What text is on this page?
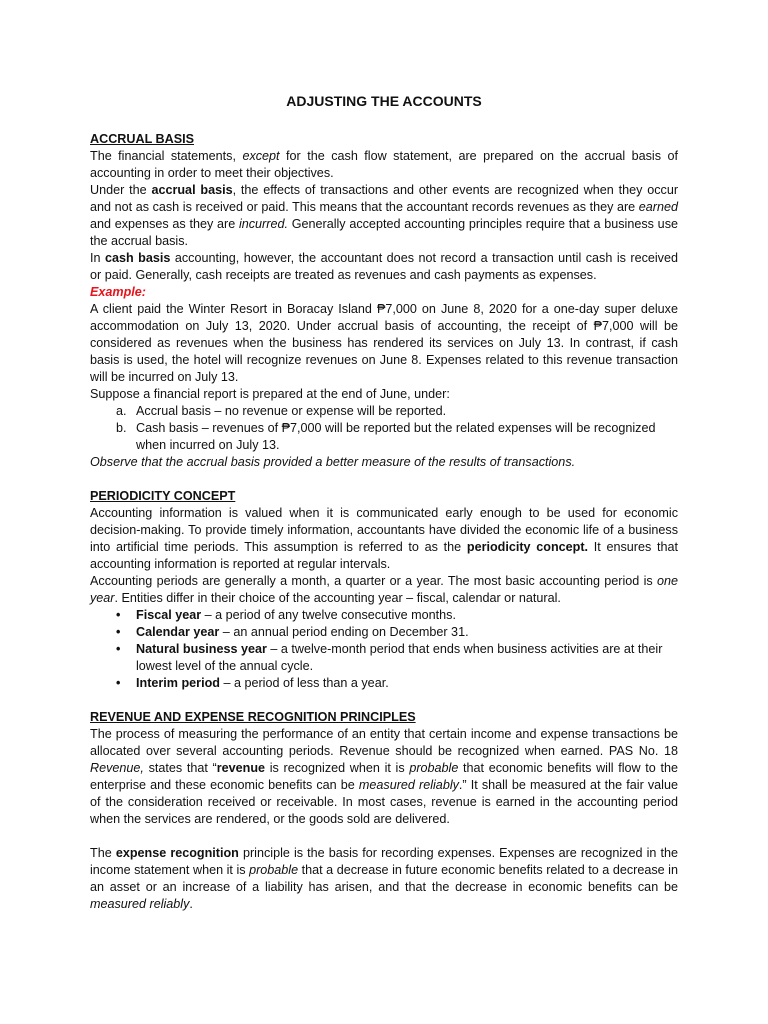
ADJUSTING THE ACCOUNTS
ACCRUAL BASIS

The financial statements, except for the cash flow statement, are prepared on the accrual basis of accounting in order to meet their objectives.

Under the accrual basis, the effects of transactions and other events are recognized when they occur and not as cash is received or paid. This means that the accountant records revenues as they are earned and expenses as they are incurred. Generally accepted accounting principles require that a business use the accrual basis.

In cash basis accounting, however, the accountant does not record a transaction until cash is received or paid. Generally, cash receipts are treated as revenues and cash payments as expenses.

Example:

A client paid the Winter Resort in Boracay Island ₱7,000 on June 8, 2020 for a one-day super deluxe accommodation on July 13, 2020. Under accrual basis of accounting, the receipt of ₱7,000 will be considered as revenues when the business has rendered its services on July 13. In contrast, if cash basis is used, the hotel will recognize revenues on June 8. Expenses related to this revenue transaction will be incurred on July 13.

Suppose a financial report is prepared at the end of June, under:

a. Accrual basis – no revenue or expense will be reported.
b. Cash basis – revenues of ₱7,000 will be reported but the related expenses will be recognized when incurred on July 13.

Observe that the accrual basis provided a better measure of the results of transactions.

PERIODICITY CONCEPT

Accounting information is valued when it is communicated early enough to be used for economic decision-making. To provide timely information, accountants have divided the economic life of a business into artificial time periods. This assumption is referred to as the periodicity concept. It ensures that accounting information is reported at regular intervals.

Accounting periods are generally a month, a quarter or a year. The most basic accounting period is one year. Entities differ in their choice of the accounting year – fiscal, calendar or natural.

• Fiscal year – a period of any twelve consecutive months.
• Calendar year – an annual period ending on December 31.
• Natural business year – a twelve-month period that ends when business activities are at their lowest level of the annual cycle.
• Interim period – a period of less than a year.
REVENUE AND EXPENSE RECOGNITION PRINCIPLES

The process of measuring the performance of an entity that certain income and expense transactions be allocated over several accounting periods. Revenue should be recognized when earned. PAS No. 18 Revenue, states that “revenue is recognized when it is probable that economic benefits will flow to the enterprise and these economic benefits can be measured reliably.” It shall be measured at the fair value of the consideration received or receivable. In most cases, revenue is earned in the accounting period when the services are rendered, or the goods sold are delivered.

The expense recognition principle is the basis for recording expenses. Expenses are recognized in the income statement when it is probable that a decrease in future economic benefits related to a decrease in an asset or an increase of a liability has arisen, and that the decrease in economic benefits can be measured reliably.
